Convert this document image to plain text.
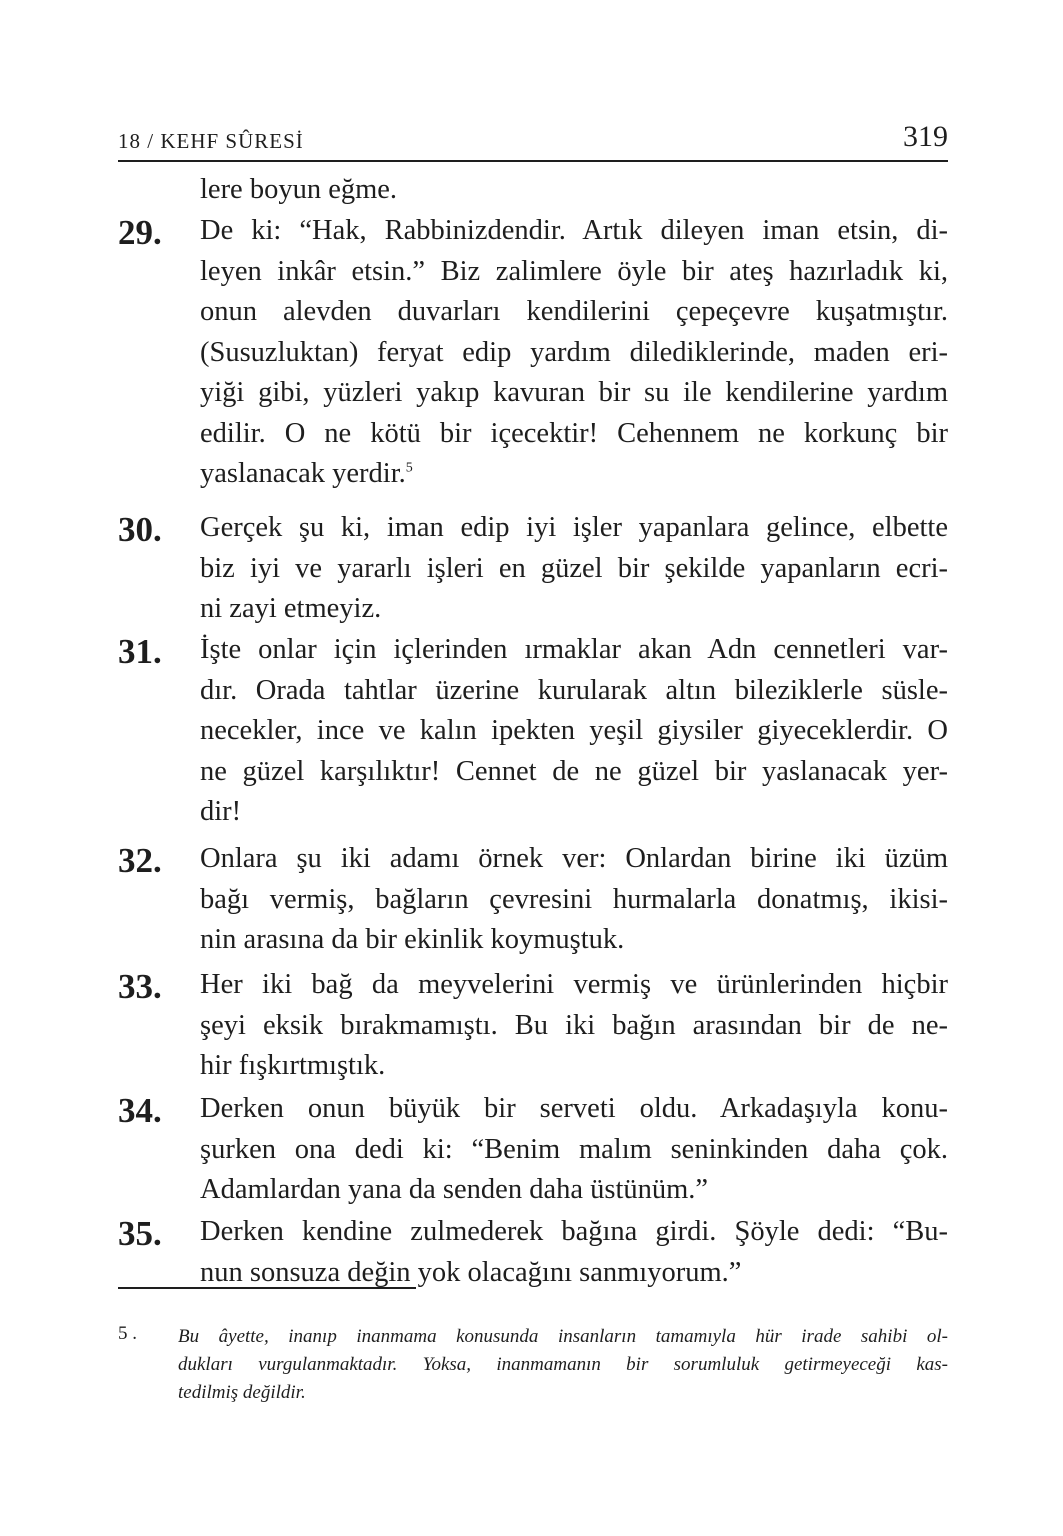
18 / KEHF SÛRESİ	319
lere boyun eğme.
29.	De ki: “Hak, Rabbinizdendir. Artık dileyen iman etsin, di-
leyen inkâr etsin.” Biz zalimlere öyle bir ateş hazırladık ki,
onun alevden duvarları kendilerini çepeçevre kuşatmıştır.
(Susuzluktan) feryat edip yardım dilediklerinde, maden eri-
yiği gibi, yüzleri yakıp kavuran bir su ile kendilerine yardım
edilir. O ne kötü bir içecektir! Cehennem ne korkunç bir
yaslanacak yerdir.$^5$
30.	Gerçek şu ki, iman edip iyi işler yapanlara gelince, elbette
biz iyi ve yararlı işleri en güzel bir şekilde yapanların ecri-
ni zayi etmeyiz.
31.	İşte onlar için içlerinden ırmaklar akan Adn cennetleri var-
dır. Orada tahtlar üzerine kurularak altın bileziklerle süsle-
necekler, ince ve kalın ipekten yeşil giysiler giyeceklerdir. O
ne güzel karşılıktır! Cennet de ne güzel bir yaslanacak yer-
dir!
32.	Onlara şu iki adamı örnek ver: Onlardan birine iki üzüm
bağı vermiş, bağların çevresini hurmalarla donatmış, ikisi-
nin arasına da bir ekinlik koymuştuk.
33.	Her iki bağ da meyvelerini vermiş ve ürünlerinden hiçbir
şeyi eksik bırakmamıştı. Bu iki bağın arasından bir de ne-
hir fışkırtmıştık.
34.	Derken onun büyük bir serveti oldu. Arkadaşıyla konu-
şurken ona dedi ki: “Benim malım seninkinden daha çok.
Adamlardan yana da senden daha üstünüm.”
35.	Derken kendine zulmederek bağına girdi. Şöyle dedi: “Bu-
nun sonsuza değin yok olacağını sanmıyorum.”
5 . Bu âyette, inanıp inanmama konusunda insanların tamamıyla hür irade sahibi ol-
dukları vurgulanmaktadır. Yoksa, inanmamanın bir sorumluluk getirmeyeceği kas-
tedilmiş değildir.
